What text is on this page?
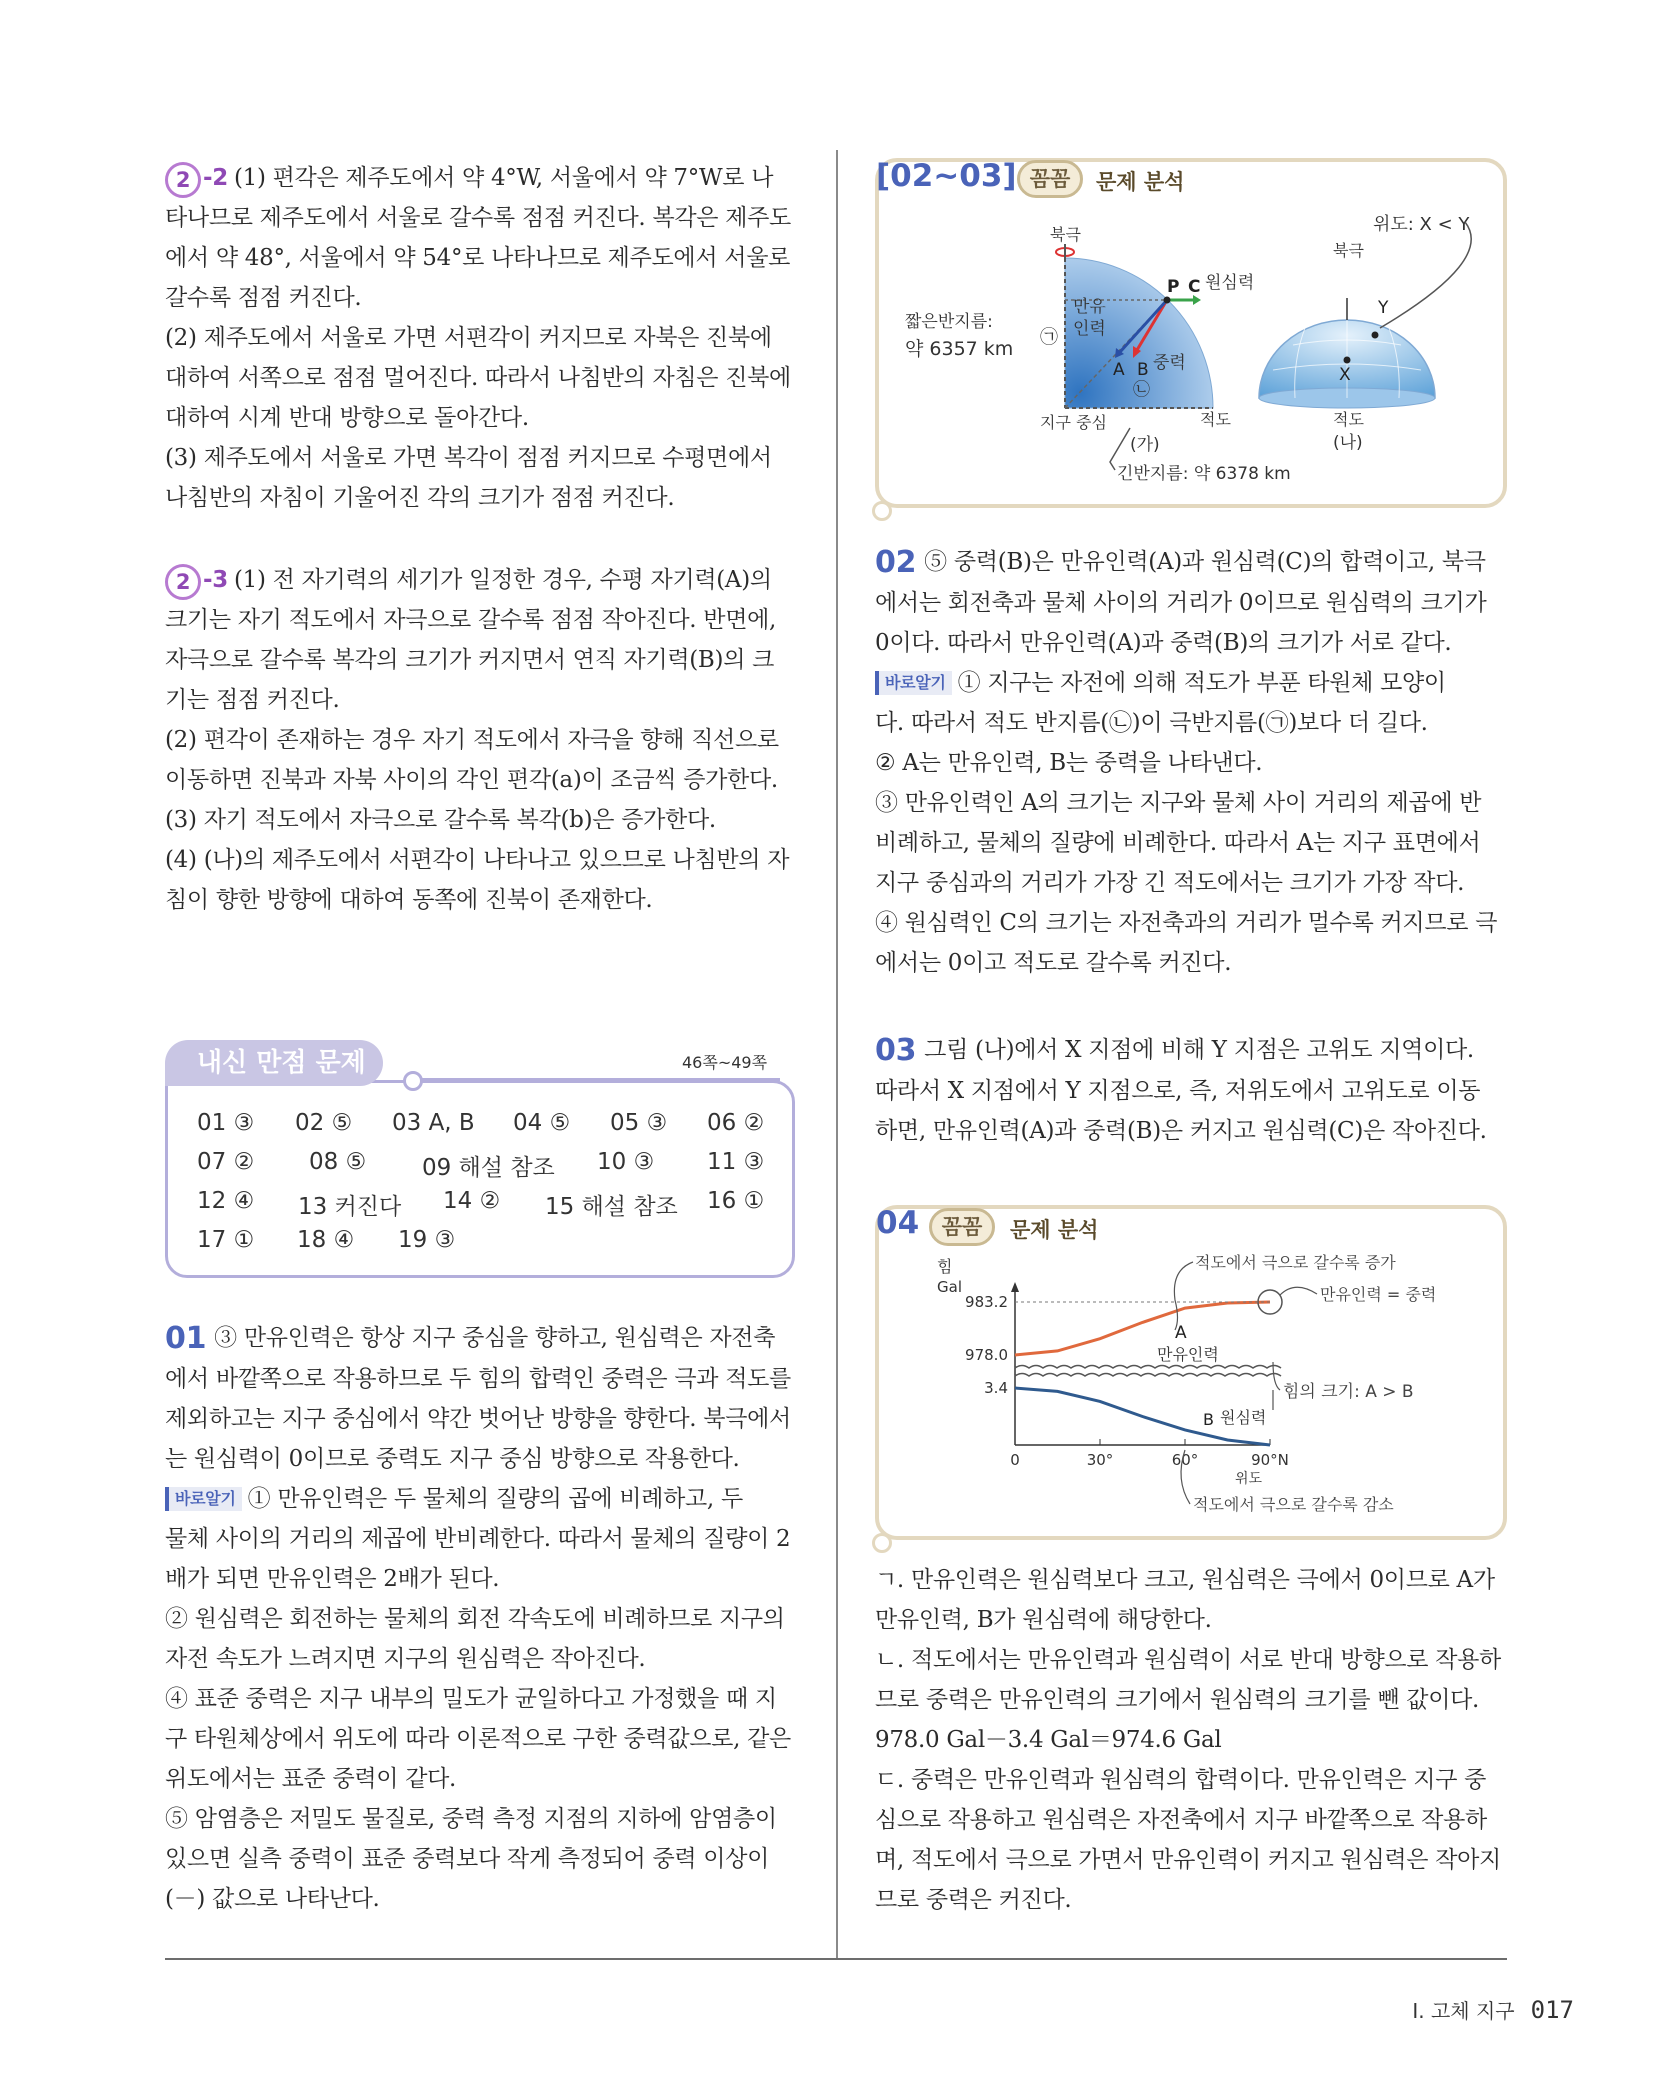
2 -2 (1) 편각은 제주도에서 약 4°W, 서울에서 약 7°W로 나
타나므로 제주도에서 서울로 갈수록 점점 커진다. 복각은 제주도
에서 약 48°, 서울에서 약 54°로 나타나므로 제주도에서 서울로
갈수록 점점 커진다.
(2) 제주도에서 서울로 가면 서편각이 커지므로 자북은 진북에
대하여 서쪽으로 점점 멀어진다. 따라서 나침반의 자침은 진북에
대하여 시계 반대 방향으로 돌아간다.
(3) 제주도에서 서울로 가면 복각이 점점 커지므로 수평면에서
나침반의 자침이 기울어진 각의 크기가 점점 커진다.

2 -3 (1) 전 자기력의 세기가 일정한 경우, 수평 자기력(A)의
크기는 자기 적도에서 자극으로 갈수록 점점 작아진다. 반면에,
자극으로 갈수록 복각의 크기가 커지면서 연직 자기력(B)의 크
기는 점점 커진다.
(2) 편각이 존재하는 경우 자기 적도에서 자극을 향해 직선으로
이동하면 진북과 자북 사이의 각인 편각(a)이 조금씩 증가한다.
(3) 자기 적도에서 자극으로 갈수록 복각(b)은 증가한다.
(4) (나)의 제주도에서 서편각이 나타나고 있으므로 나침반의 자
침이 향한 방향에 대하여 동쪽에 진북이 존재한다.

01 ③ 만유인력은 항상 지구 중심을 향하고, 원심력은 자전축
에서 바깥쪽으로 작용하므로 두 힘의 합력인 중력은 극과 적도를
제외하고는 지구 중심에서 약간 벗어난 방향을 향한다. 북극에서
는 원심력이 0이므로 중력도 지구 중심 방향으로 작용한다.
바로알기 ① 만유인력은 두 물체의 질량의 곱에 비례하고, 두
물체 사이의 거리의 제곱에 반비례한다. 따라서 물체의 질량이 2
배가 되면 만유인력은 2배가 된다.
② 원심력은 회전하는 물체의 회전 각속도에 비례하므로 지구의
자전 속도가 느려지면 지구의 원심력은 작아진다.
④ 표준 중력은 지구 내부의 밀도가 균일하다고 가정했을 때 지
구 타원체상에서 위도에 따라 이론적으로 구한 중력값으로, 같은
위도에서는 표준 중력이 같다.
⑤ 암염층은 저밀도 물질로, 중력 측정 지점의 지하에 암염층이
있으면 실측 중력이 표준 중력보다 작게 측정되어 중력 이상이
(－) 값으로 나타난다.

내신 만점 문제	46쪽~49쪽
01 ③ 02 ⑤ 03 A, B 04 ⑤ 05 ③ 06 ②
07 ② 08 ⑤ 09 해설 참조 10 ③ 11 ③
12 ④ 13 커진다 14 ② 15 해설 참조 16 ①
17 ① 18 ④ 19 ③
[02~03] 꼼꼼	문제 분석
북극
짧은반지름:
약 6357 km
㉠
만유
인력
P C 원심력
A B 중력
㉡
지구 중심	적도
(가)
긴반지름: 약 6378 km
위도: X < Y
북극
Y
X
적도
(나)

02 ⑤ 중력(B)은 만유인력(A)과 원심력(C)의 합력이고, 북극
에서는 회전축과 물체 사이의 거리가 0이므로 원심력의 크기가
0이다. 따라서 만유인력(A)과 중력(B)의 크기가 서로 같다.
바로알기 ① 지구는 자전에 의해 적도가 부푼 타원체 모양이
다. 따라서 적도 반지름(㉡)이 극반지름(㉠)보다 더 길다.
② A는 만유인력, B는 중력을 나타낸다.
③ 만유인력인 A의 크기는 지구와 물체 사이 거리의 제곱에 반
비례하고, 물체의 질량에 비례한다. 따라서 A는 지구 표면에서
지구 중심과의 거리가 가장 긴 적도에서는 크기가 가장 작다.
④ 원심력인 C의 크기는 자전축과의 거리가 멀수록 커지므로 극
에서는 0이고 적도로 갈수록 커진다.

03 그림 (나)에서 X 지점에 비해 Y 지점은 고위도 지역이다.
따라서 X 지점에서 Y 지점으로, 즉, 저위도에서 고위도로 이동
하면, 만유인력(A)과 중력(B)은 커지고 원심력(C)은 작아진다.

ㄱ. 만유인력은 원심력보다 크고, 원심력은 극에서 0이므로 A가
만유인력, B가 원심력에 해당한다.
ㄴ. 적도에서는 만유인력과 원심력이 서로 반대 방향으로 작용하
므로 중력은 만유인력의 크기에서 원심력의 크기를 뺀 값이다.
978.0 Gal－3.4 Gal＝974.6 Gal
ㄷ. 중력은 만유인력과 원심력의 합력이다. 만유인력은 지구 중
심으로 작용하고 원심력은 자전축에서 지구 바깥쪽으로 작용하
며, 적도에서 극으로 가면서 만유인력이 커지고 원심력은 작아지
므로 중력은 커진다.

04	꼼꼼	문제 분석
힘
Gal
983.2
978.0
3.4
0	30°	60°	90°N
적도에서 극으로 갈수록 증가
만유인력 = 중력
힘의 크기: A > B
A
만유인력
B 원심력
위도
적도에서 극으로 갈수록 감소
Ⅰ. 고체 지구 017
